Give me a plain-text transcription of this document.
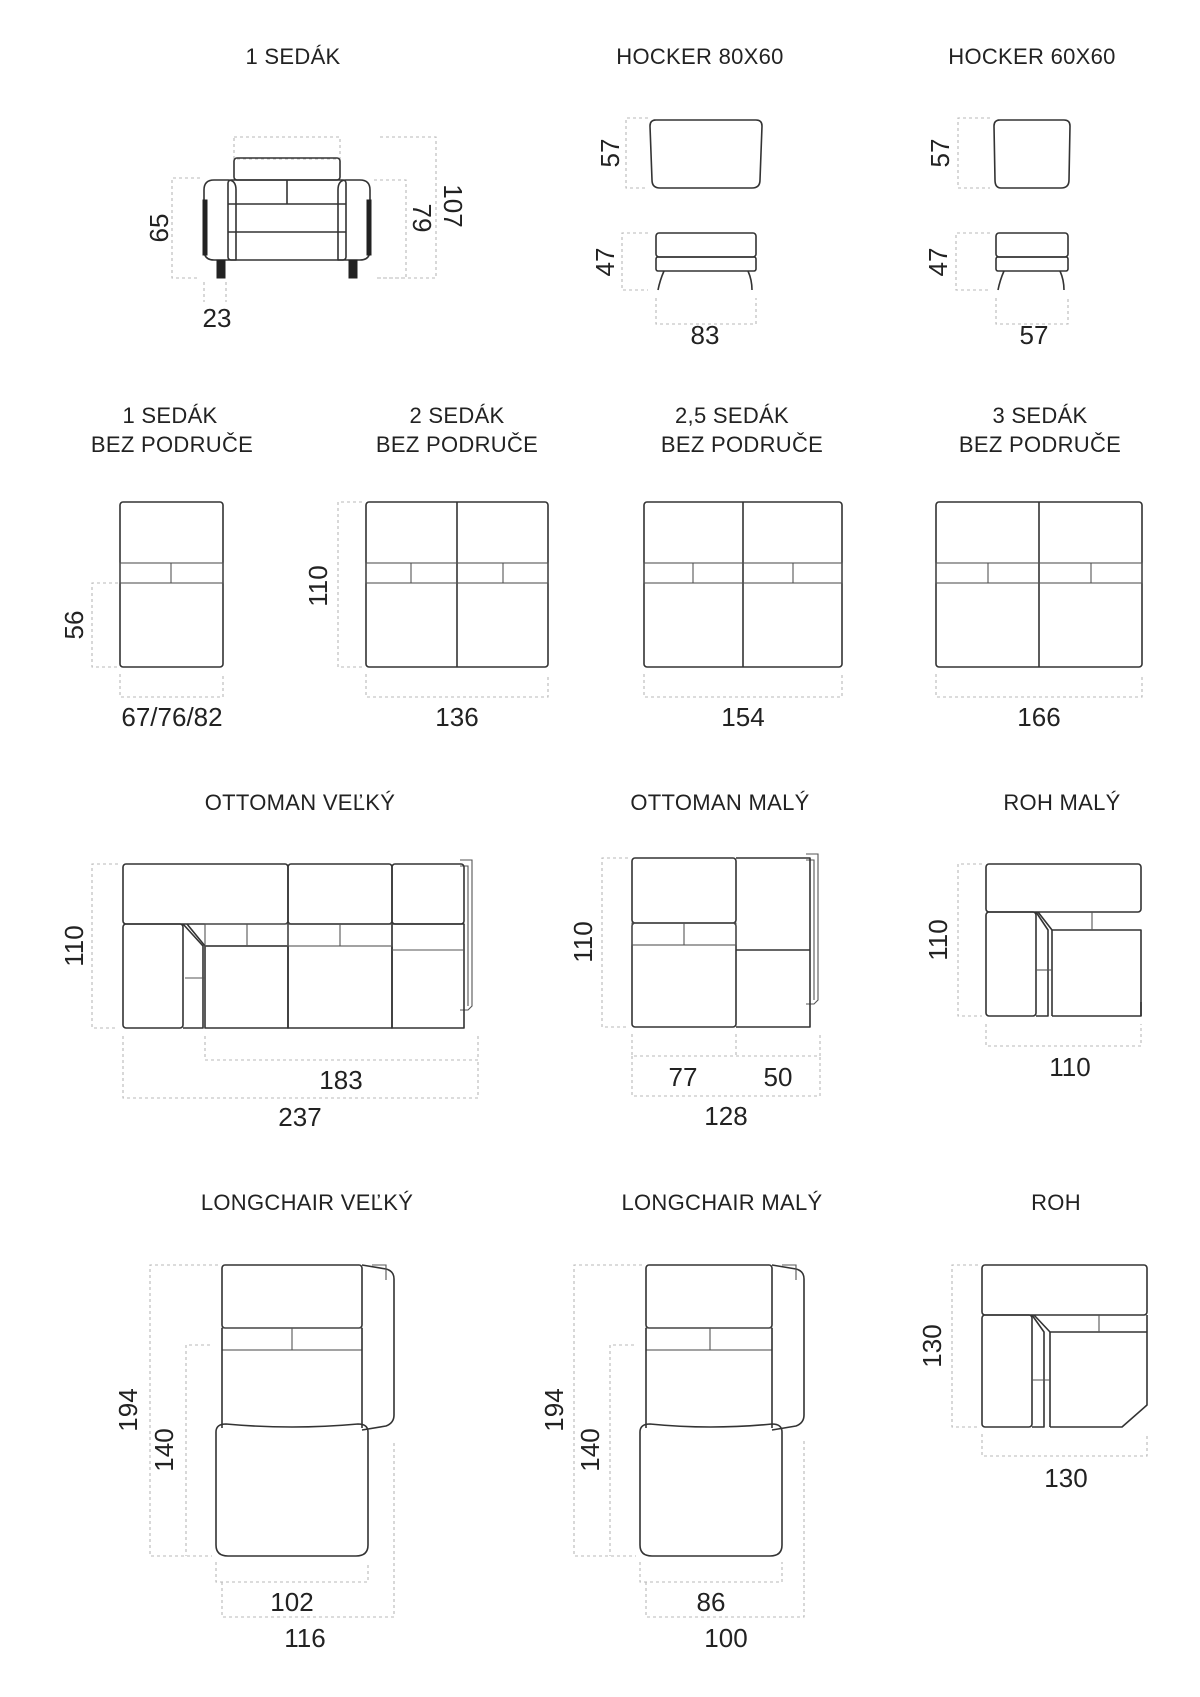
1 SEDÁK
65
23
79 107
HOCKER 80X60
57
47
83
HOCKER 60X60
57
47
57
1 SEDÁK
BEZ PODRUČE
56
67/76/82
2 SEDÁK
BEZ PODRUČE
110
136
2,5 SEDÁK
BEZ PODRUČE
154
3 SEDÁK
BEZ PODRUČE
166
OTTOMAN VEĽKÝ
110
183
237
OTTOMAN MALÝ
110
77	50
128
ROH MALÝ
110
110
LONGCHAIR VEĽKÝ
194
140
102
116
LONGCHAIR MALÝ
194
140
86
100
ROH
130
130
